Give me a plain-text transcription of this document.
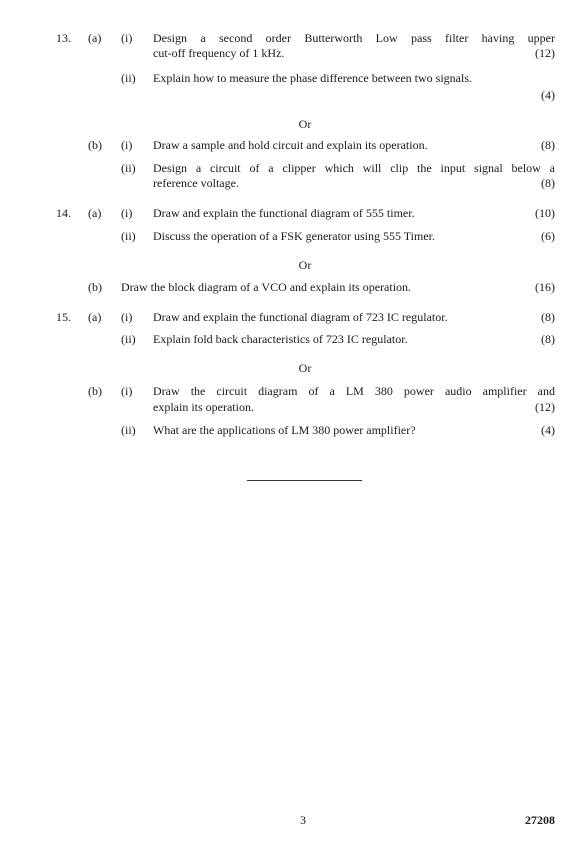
13. (a) (i) Design a second order Butterworth Low pass filter having upper
cut-off frequency of 1 kHz.	(12)
(ii) Explain how to measure the phase difference between two signals.
(4)
Or
(b) (i) Draw a sample and hold circuit and explain its operation.	(8)
(ii) Design a circuit of a clipper which will clip the input signal below a
reference voltage.	(8)
14. (a) (i) Draw and explain the functional diagram of 555 timer.	(10)
(ii) Discuss the operation of a FSK generator using 555 Timer.	(6)
Or
(b) Draw the block diagram of a VCO and explain its operation.	(16)
15. (a) (i) Draw and explain the functional diagram of 723 IC regulator.	(8)
(ii) Explain fold back characteristics of 723 IC regulator.	(8)
Or
(b) (i) Draw the circuit diagram of a LM 380 power audio amplifier and
explain its operation.	(12)
(ii) What are the applications of LM 380 power amplifier?	(4)
3	27208
